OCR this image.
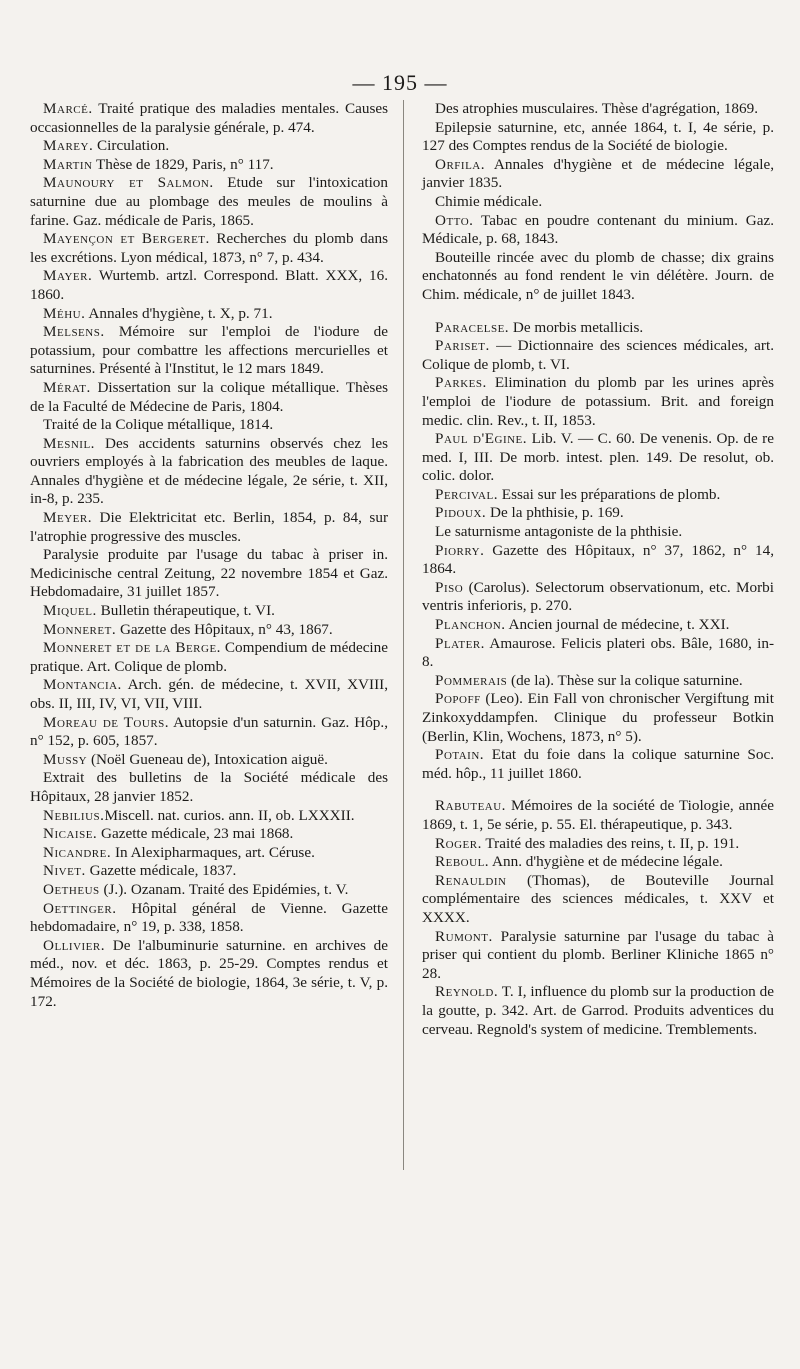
— 195 —

Marcé. Traité pratique des maladies mentales. Causes occasionnelles de la paralysie générale, p. 474.

Marey. Circulation.

Martin Thèse de 1829, Paris, n° 117.

Maunoury et Salmon. Etude sur l'intoxication saturnine due au plombage des meules de moulins à farine. Gaz. médicale de Paris, 1865.

Mayençon et Bergeret. Recherches du plomb dans les excrétions. Lyon médical, 1873, n° 7, p. 434.

Mayer. Wurtemb. artzl. Correspond. Blatt. XXX, 16. 1860.

Méhu. Annales d'hygiène, t. X, p. 71.

Melsens. Mémoire sur l'emploi de l'iodure de potassium, pour combattre les affections mercurielles et saturnines. Présenté à l'Institut, le 12 mars 1849.

Mérat. Dissertation sur la colique métallique. Thèses de la Faculté de Médecine de Paris, 1804.

Traité de la Colique métallique, 1814.

Mesnil. Des accidents saturnins observés chez les ouvriers employés à la fabrication des meubles de laque. Annales d'hygiène et de médecine légale, 2e série, t. XII, in-8, p. 235.

Meyer. Die Elektricitat etc. Berlin, 1854, p. 84, sur l'atrophie progressive des muscles.

Paralysie produite par l'usage du tabac à priser in. Medicinische central Zeitung, 22 novembre 1854 et Gaz. Hebdomadaire, 31 juillet 1857.

Miquel. Bulletin thérapeutique, t. VI.

Monneret. Gazette des Hôpitaux, n° 43, 1867.

Monneret et de la Berge. Compendium de médecine pratique. Art. Colique de plomb.

Montancia. Arch. gén. de médecine, t. XVII, XVIII, obs. II, III, IV, VI, VII, VIII.

Moreau de Tours. Autopsie d'un saturnin. Gaz. Hôp., n° 152, p. 605, 1857.

Mussy (Noël Gueneau de), Intoxication aiguë.

Extrait des bulletins de la Société médicale des Hôpitaux, 28 janvier 1852.

Nebilius.Miscell. nat. curios. ann. II, ob. LXXXII.

Nicaise. Gazette médicale, 23 mai 1868.

Nicandre. In Alexipharmaques, art. Céruse.

Nivet. Gazette médicale, 1837.

Oetheus (J.). Ozanam. Traité des Epidémies, t. V.

Oettinger. Hôpital général de Vienne. Gazette hebdomadaire, n° 19, p. 338, 1858.

Ollivier. De l'albuminurie saturnine. en archives de méd., nov. et déc. 1863, p. 25-29. Comptes rendus et Mémoires de la Société de biologie, 1864, 3e série, t. V, p. 172.

Des atrophies musculaires. Thèse d'agrégation, 1869.

Epilepsie saturnine, etc, année 1864, t. I, 4e série, p. 127 des Comptes rendus de la Société de biologie.

Orfila. Annales d'hygiène et de médecine légale, janvier 1835.

Chimie médicale.

Otto. Tabac en poudre contenant du minium. Gaz. Médicale, p. 68, 1843.

Bouteille rincée avec du plomb de chasse; dix grains enchatonnés au fond rendent le vin délétère. Journ. de Chim. médicale, n° de juillet 1843.

Paracelse. De morbis metallicis.

Pariset. — Dictionnaire des sciences médicales, art. Colique de plomb, t. VI.

Parkes. Elimination du plomb par les urines après l'emploi de l'iodure de potassium. Brit. and foreign medic. clin. Rev., t. II, 1853.

Paul d'Egine. Lib. V. — C. 60. De venenis. Op. de re med. I, III. De morb. intest. plen. 149. De resolut, ob. colic. dolor.

Percival. Essai sur les préparations de plomb.

Pidoux. De la phthisie, p. 169.

Le saturnisme antagoniste de la phthisie.

Piorry. Gazette des Hôpitaux, n° 37, 1862, n° 14, 1864.

Piso (Carolus). Selectorum observationum, etc. Morbi ventris inferioris, p. 270.

Planchon. Ancien journal de médecine, t. XXI.

Plater. Amaurose. Felicis plateri obs. Bâle, 1680, in-8.

Pommerais (de la). Thèse sur la colique saturnine.

Popoff (Leo). Ein Fall von chronischer Vergiftung mit Zinkoxyddampfen. Clinique du professeur Botkin (Berlin, Klin, Wochens, 1873, n° 5).

Potain. Etat du foie dans la colique saturnine Soc. méd. hôp., 11 juillet 1860.

Rabuteau. Mémoires de la société de Tiologie, année 1869, t. 1, 5e série, p. 55. El. thérapeutique, p. 343.

Roger. Traité des maladies des reins, t. II, p. 191.

Reboul. Ann. d'hygiène et de médecine légale.

Renauldin (Thomas), de Bouteville Journal complémentaire des sciences médicales, t. XXV et XXXX.

Rumont. Paralysie saturnine par l'usage du tabac à priser qui contient du plomb. Berliner Kliniche 1865 n° 28.

Reynold. T. I, influence du plomb sur la production de la goutte, p. 342. Art. de Garrod. Produits adventices du cerveau. Regnold's system of medicine. Tremblements.
